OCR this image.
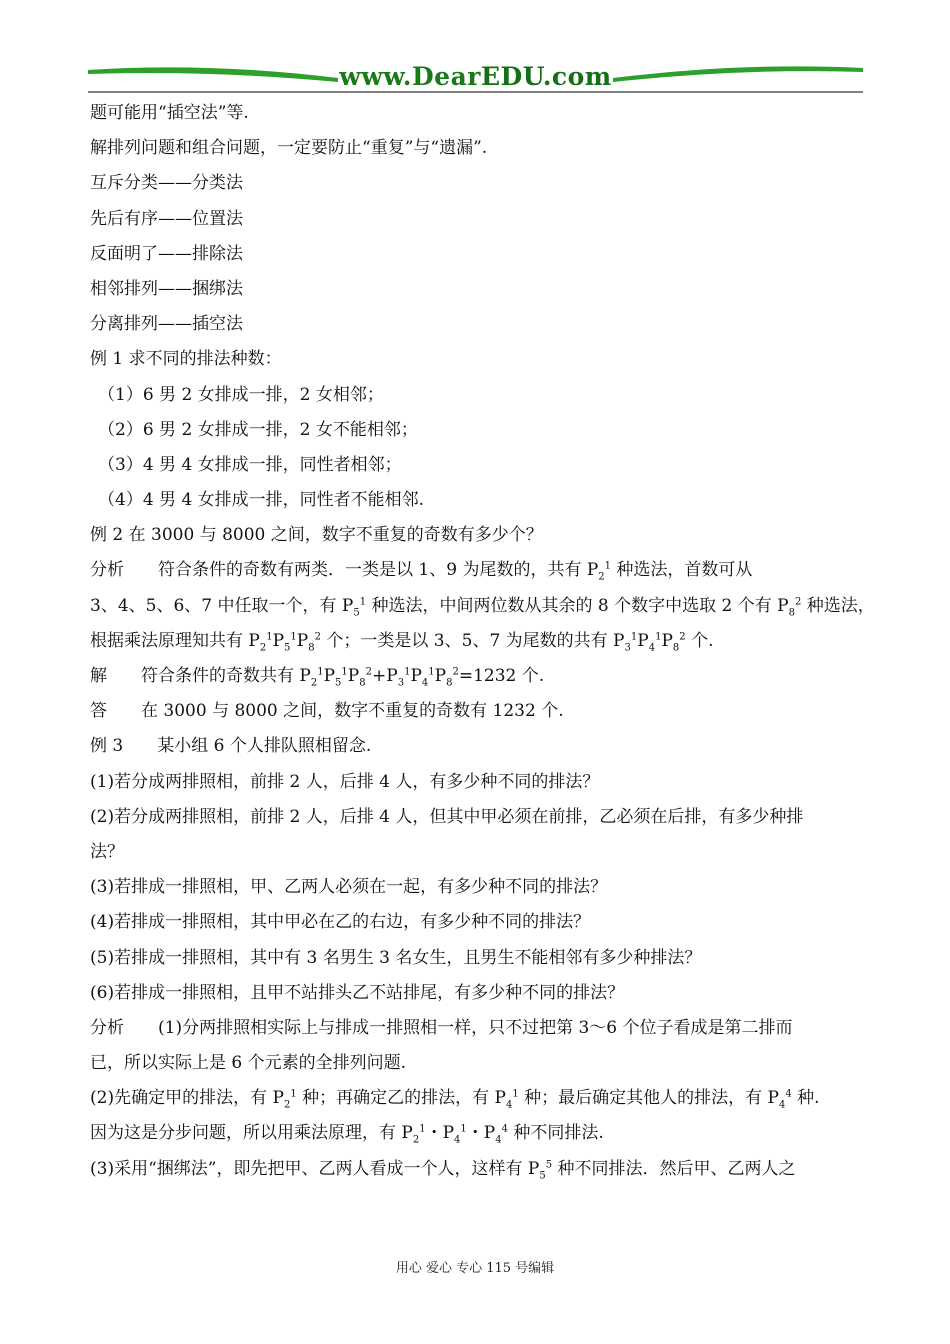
www.DearEDU.com
题可能用“插空法”等.
解排列问题和组合问题，一定要防止“重复”与“遗漏”.
互斥分类——分类法
先后有序——位置法
反面明了——排除法
相邻排列——捆绑法
分离排列——插空法
例 1 求不同的排法种数：
（1）6 男 2 女排成一排，2 女相邻；
（2）6 男 2 女排成一排，2 女不能相邻；
（3）4 男 4 女排成一排，同性者相邻；
（4）4 男 4 女排成一排，同性者不能相邻.
例 2 在 3000 与 8000 之间，数字不重复的奇数有多少个？
分析　　符合条件的奇数有两类．一类是以 1、9 为尾数的，共有 $P_2^1$ 种选法，首数可从
3、4、5、6、7 中任取一个，有 $P_5^1$ 种选法，中间两位数从其余的 8 个数字中选取 2 个有 $P_8^2$ 种选法，
根据乘法原理知共有 $P_2^1P_5^1P_8^2$ 个；一类是以 3、5、7 为尾数的共有 $P_3^1P_4^1P_8^2$ 个.
解　　符合条件的奇数共有 $P_2^1P_5^1P_8^2+P_3^1P_4^1P_8^2=1232$ 个.
答　　在 3000 与 8000 之间，数字不重复的奇数有 1232 个.
例 3　　某小组 6 个人排队照相留念.
(1)若分成两排照相，前排 2 人，后排 4 人，有多少种不同的排法？
(2)若分成两排照相，前排 2 人，后排 4 人，但其中甲必须在前排，乙必须在后排，有多少种排
法？
(3)若排成一排照相，甲、乙两人必须在一起，有多少种不同的排法？
(4)若排成一排照相，其中甲必在乙的右边，有多少种不同的排法？
(5)若排成一排照相，其中有 3 名男生 3 名女生，且男生不能相邻有多少种排法？
(6)若排成一排照相，且甲不站排头乙不站排尾，有多少种不同的排法？
分析　　(1)分两排照相实际上与排成一排照相一样，只不过把第 3～6 个位子看成是第二排而
已，所以实际上是 6 个元素的全排列问题.
(2)先确定甲的排法，有 $P_2^1$ 种；再确定乙的排法，有 $P_4^1$ 种；最后确定其他人的排法，有 $P_4^4$ 种.
因为这是分步问题，所以用乘法原理，有 $P_2^1$・$P_4^1$・$P_4^4$ 种不同排法.
(3)采用“捆绑法”，即先把甲、乙两人看成一个人，这样有 $P_5^5$ 种不同排法．然后甲、乙两人之
用心 爱心 专心 115 号编辑
